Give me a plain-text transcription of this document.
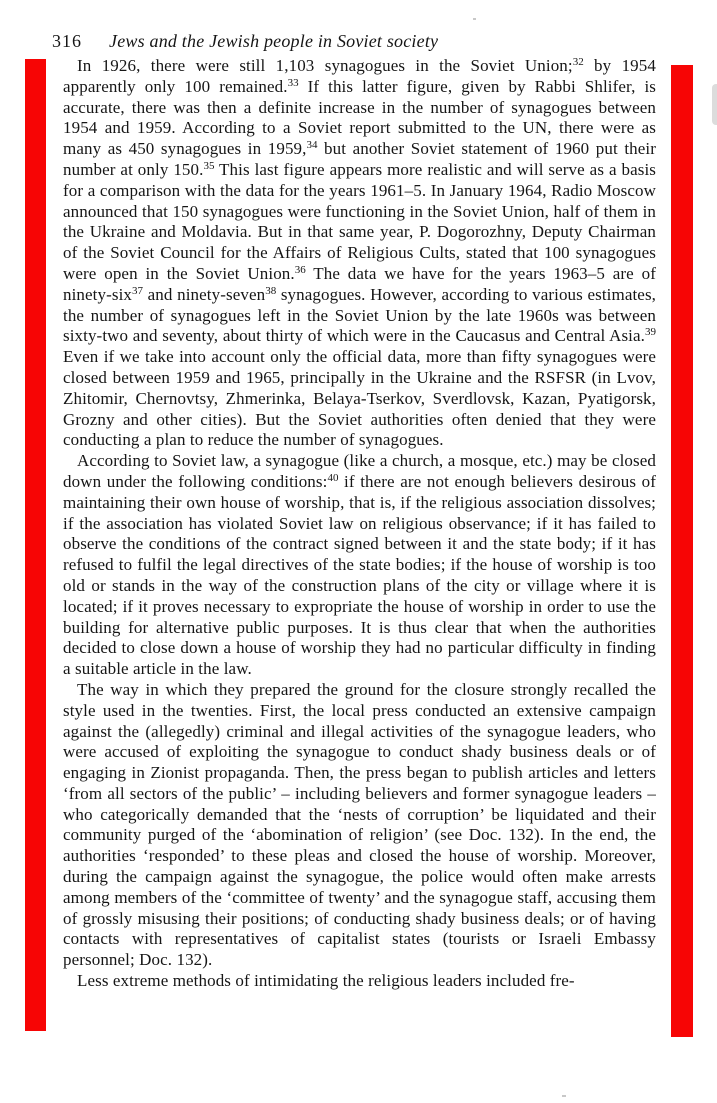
316 Jews and the Jewish people in Soviet society

In 1926, there were still 1,103 synagogues in the Soviet Union;$^{32}$ by 1954 apparently only 100 remained.$^{33}$ If this latter figure, given by Rabbi Shlifer, is accurate, there was then a definite increase in the number of synagogues between 1954 and 1959. According to a Soviet report submitted to the UN, there were as many as 450 synagogues in 1959,34 but another Soviet statement of 1960 put their number at only 150.35 This last figure appears more realistic and will serve as a basis for a comparison with the data for the years 1961–5. In January 1964, Radio Moscow announced that 150 synagogues were functioning in the Soviet Union, half of them in the Ukraine and Moldavia. But in that same year, P. Dogorozhny, Deputy Chairman of the Soviet Council for the Affairs of Religious Cults, stated that 100 synagogues were open in the Soviet Union.$^{36}$ The data we have for the years 1963–5 are of ninety-six$^{37}$ and ninety-seven$^{38}$ synagogues. However, according to various estimates, the number of synagogues left in the Soviet Union by the late 1960s was between sixty-two and seventy, about thirty of which were in the Caucasus and Central Asia.$^{39}$ Even if we take into account only the official data, more than fifty synagogues were closed between 1959 and 1965, principally in the Ukraine and the RSFSR (in Lvov, Zhitomir, Chernovtsy, Zhmerinka, Belaya-Tserkov, Sverdlovsk, Kazan, Pyatigorsk, Grozny and other cities). But the Soviet authorities often denied that they were conducting a plan to reduce the number of synagogues.

According to Soviet law, a synagogue (like a church, a mosque, etc.) may be closed down under the following conditions:$^{40}$ if there are not enough believers desirous of maintaining their own house of worship, that is, if the religious association dissolves; if the association has violated Soviet law on religious observance; if it has failed to observe the conditions of the contract signed between it and the state body; if it has refused to fulfil the legal directives of the state bodies; if the house of worship is too old or stands in the way of the construction plans of the city or village where it is located; if it proves necessary to expropriate the house of worship in order to use the building for alternative public purposes. It is thus clear that when the authorities decided to close down a house of worship they had no particular difficulty in finding a suitable article in the law.

The way in which they prepared the ground for the closure strongly recalled the style used in the twenties. First, the local press conducted an extensive campaign against the (allegedly) criminal and illegal activities of the synagogue leaders, who were accused of exploiting the synagogue to conduct shady business deals or of engaging in Zionist propaganda. Then, the press began to publish articles and letters ‘from all sectors of the public’ – including believers and former synagogue leaders – who categorically demanded that the ‘nests of corruption’ be liquidated and their community purged of the ‘abomination of religion’ (see Doc. 132). In the end, the authorities ‘responded’ to these pleas and closed the house of worship. Moreover, during the campaign against the synagogue, the police would often make arrests among members of the ‘committee of twenty’ and the synagogue staff, accusing them of grossly misusing their positions; of conducting shady business deals; or of having contacts with representatives of capitalist states (tourists or Israeli Embassy personnel; Doc. 132).

Less extreme methods of intimidating the religious leaders included fre-
